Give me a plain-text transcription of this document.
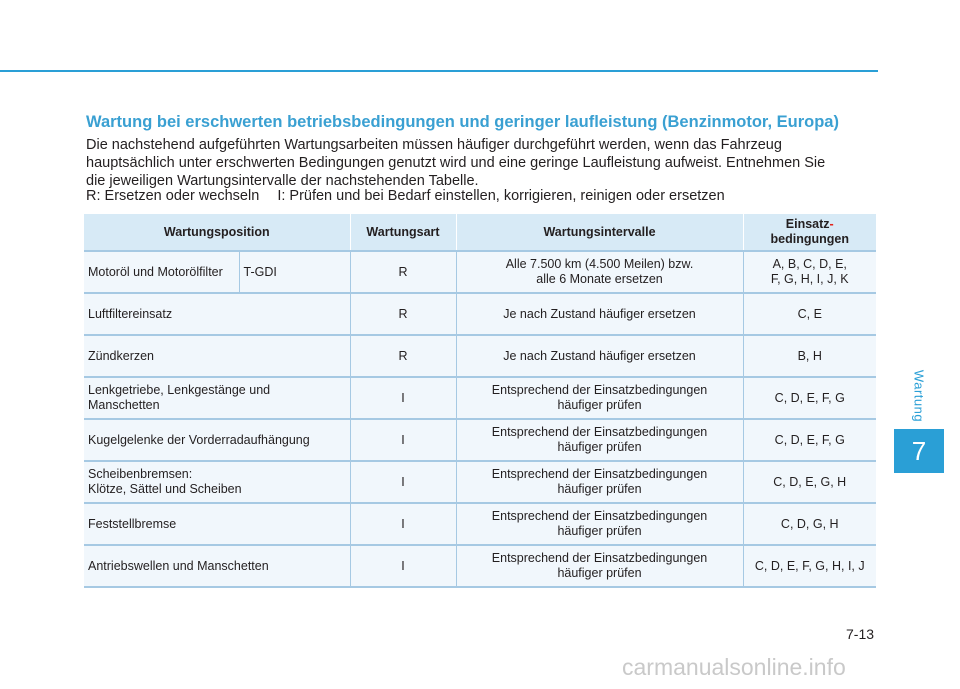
Wartung bei erschwerten betriebsbedingungen und geringer laufleistung (Benzinmotor, Europa)

Die nachstehend aufgeführten Wartungsarbeiten müssen häufiger durchgeführt werden, wenn das Fahrzeug

hauptsächlich unter erschwerten Bedingungen genutzt wird und eine geringe Laufleistung aufweist. Entnehmen Sie

die jeweiligen Wartungsintervalle der nachstehenden Tabelle.

R: Ersetzen oder wechseln I: Prüfen und bei Bedarf einstellen, korrigieren, reinigen oder ersetzen
Wartungsposition		Wartungsart	Wartungsintervalle	Einsatz-
bedingungen
Motoröl und Motorölfilter	T-GDI	R	Alle 7.500 km (4.500 Meilen) bzw.
alle 6 Monate ersetzen	A, B, C, D, E,
F, G, H, I, J, K
Luftfiltereinsatz		R	Je nach Zustand häufiger ersetzen	C, E
Zündkerzen		R	Je nach Zustand häufiger ersetzen	B, H
Lenkgetriebe, Lenkgestänge und
Manschetten		I	Entsprechend der Einsatzbedingungen
häufiger prüfen	C, D, E, F, G
Kugelgelenke der Vorderradaufhängung		I	Entsprechend der Einsatzbedingungen
häufiger prüfen	C, D, E, F, G
Scheibenbremsen:
Klötze, Sättel und Scheiben		I	Entsprechend der Einsatzbedingungen
häufiger prüfen	C, D, E, G, H
Feststellbremse		I	Entsprechend der Einsatzbedingungen
häufiger prüfen	C, D, G, H
Antriebswellen und Manschetten		I	Entsprechend der Einsatzbedingungen
häufiger prüfen	C, D, E, F, G, H, I, J
Wartung
7
7-13
carmanualsonline.info
